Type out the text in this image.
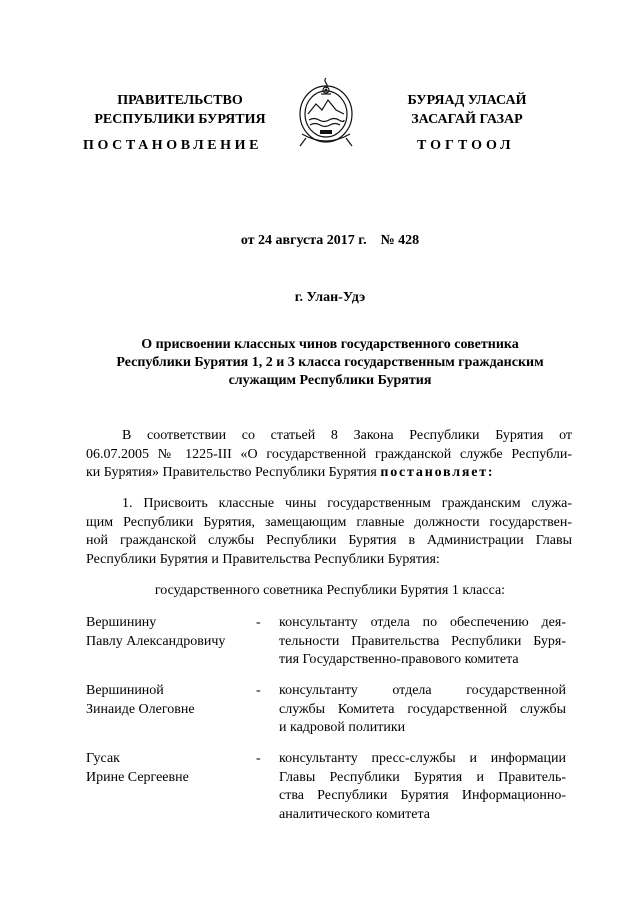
ПРАВИТЕЛЬСТВО
РЕСПУБЛИКИ БУРЯТИЯ
БУРЯАД УЛАСАЙ
ЗАСАГАЙ ГАЗАР
ПОСТАНОВЛЕНИЕ	ТОГТООЛ
от 24 августа 2017 г. № 428
г. Улан-Удэ
О присвоении классных чинов государственного советника
Республики Бурятия 1, 2 и 3 класса государственным гражданским
служащим Республики Бурятия
В соответствии со статьей 8 Закона Республики Бурятия от
06.07.2005 № 1225-III «О государственной гражданской службе Республи-
ки Бурятия» Правительство Республики Бурятия постановляет:
1. Присвоить классные чины государственным гражданским служа-
щим Республики Бурятия, замещающим главные должности государствен-
ной гражданской службы Республики Бурятия в Администрации Главы
Республики Бурятия и Правительства Республики Бурятия:
государственного советника Республики Бурятия 1 класса:
Вершинину
Павлу Александровичу
- консультанту отдела по обеспечению дея-
тельности Правительства Республики Буря-
тия Государственно-правового комитета
Вершининой
Зинаиде Олеговне
- консультанту отдела государственной
службы Комитета государственной службы
и кадровой политики
Гусак
Ирине Сергеевне
- консультанту пресс-службы и информации
Главы Республики Бурятия и Правитель-
ства Республики Бурятия Информационно-
аналитического комитета
